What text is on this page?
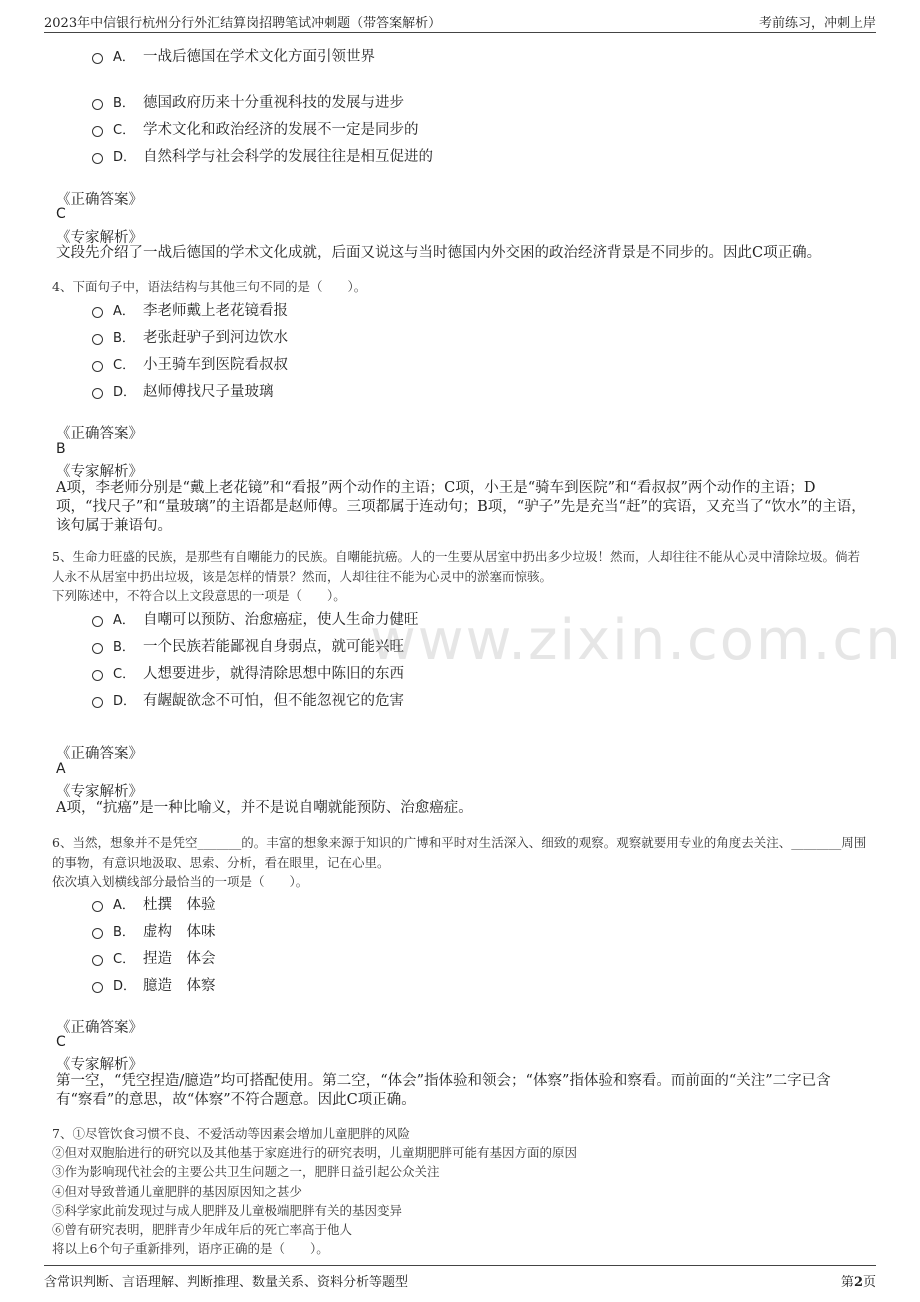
2023年中信银行杭州分行外汇结算岗招聘笔试冲刺题（带答案解析）	考前练习，冲刺上岸
www.zixin.com.cn
A． 一战后德国在学术文化方面引领世界
B． 德国政府历来十分重视科技的发展与进步
C． 学术文化和政治经济的发展不一定是同步的
D． 自然科学与社会科学的发展往往是相互促进的
《正确答案》
C
《专家解析》
文段先介绍了一战后德国的学术文化成就，后面又说这与当时德国内外交困的政治经济背景是不同步的。因此C项正确。
4、下面句子中，语法结构与其他三句不同的是（　　）。
A． 李老师戴上老花镜看报
B． 老张赶驴子到河边饮水
C． 小王骑车到医院看叔叔
D． 赵师傅找尺子量玻璃
《正确答案》
B
《专家解析》
A项，李老师分别是“戴上老花镜”和“看报”两个动作的主语；C项，小王是“骑车到医院”和“看叔叔”两个动作的主语；D项，“找尺子”和“量玻璃”的主语都是赵师傅。三项都属于连动句；B项，“驴子”先是充当“赶”的宾语，又充当了“饮水”的主语，该句属于兼语句。
5、生命力旺盛的民族，是那些有自嘲能力的民族。自嘲能抗癌。人的一生要从居室中扔出多少垃圾！然而，人却往往不能从心灵中清除垃圾。倘若人永不从居室中扔出垃圾，该是怎样的情景？然而，人却往往不能为心灵中的淤塞而惊骇。
下列陈述中，不符合以上文段意思的一项是（　　）。
A． 自嘲可以预防、治愈癌症，使人生命力健旺
B． 一个民族若能鄙视自身弱点，就可能兴旺
C． 人想要进步，就得清除思想中陈旧的东西
D． 有龌龊欲念不可怕，但不能忽视它的危害
《正确答案》
A
《专家解析》
A项，“抗癌”是一种比喻义，并不是说自嘲就能预防、治愈癌症。
6、当然，想象并不是凭空_______的。丰富的想象来源于知识的广博和平时对生活深入、细致的观察。观察就要用专业的角度去关注、________周围的事物，有意识地汲取、思索、分析，看在眼里，记在心里。
依次填入划横线部分最恰当的一项是（　　）。
A． 杜撰　体验
B． 虚构　体味
C． 捏造　体会
D． 臆造　体察
《正确答案》
C
《专家解析》
第一空，“凭空捏造/臆造”均可搭配使用。第二空，“体会”指体验和领会；“体察”指体验和察看。而前面的“关注”二字已含有“察看”的意思，故“体察”不符合题意。因此C项正确。
7、①尽管饮食习惯不良、不爱活动等因素会增加儿童肥胖的风险
②但对双胞胎进行的研究以及其他基于家庭进行的研究表明，儿童期肥胖可能有基因方面的原因
③作为影响现代社会的主要公共卫生问题之一，肥胖日益引起公众关注
④但对导致普通儿童肥胖的基因原因知之甚少
⑤科学家此前发现过与成人肥胖及儿童极端肥胖有关的基因变异
⑥曾有研究表明，肥胖青少年成年后的死亡率高于他人
将以上6个句子重新排列，语序正确的是（　　）。
含常识判断、言语理解、判断推理、数量关系、资料分析等题型	第2页
